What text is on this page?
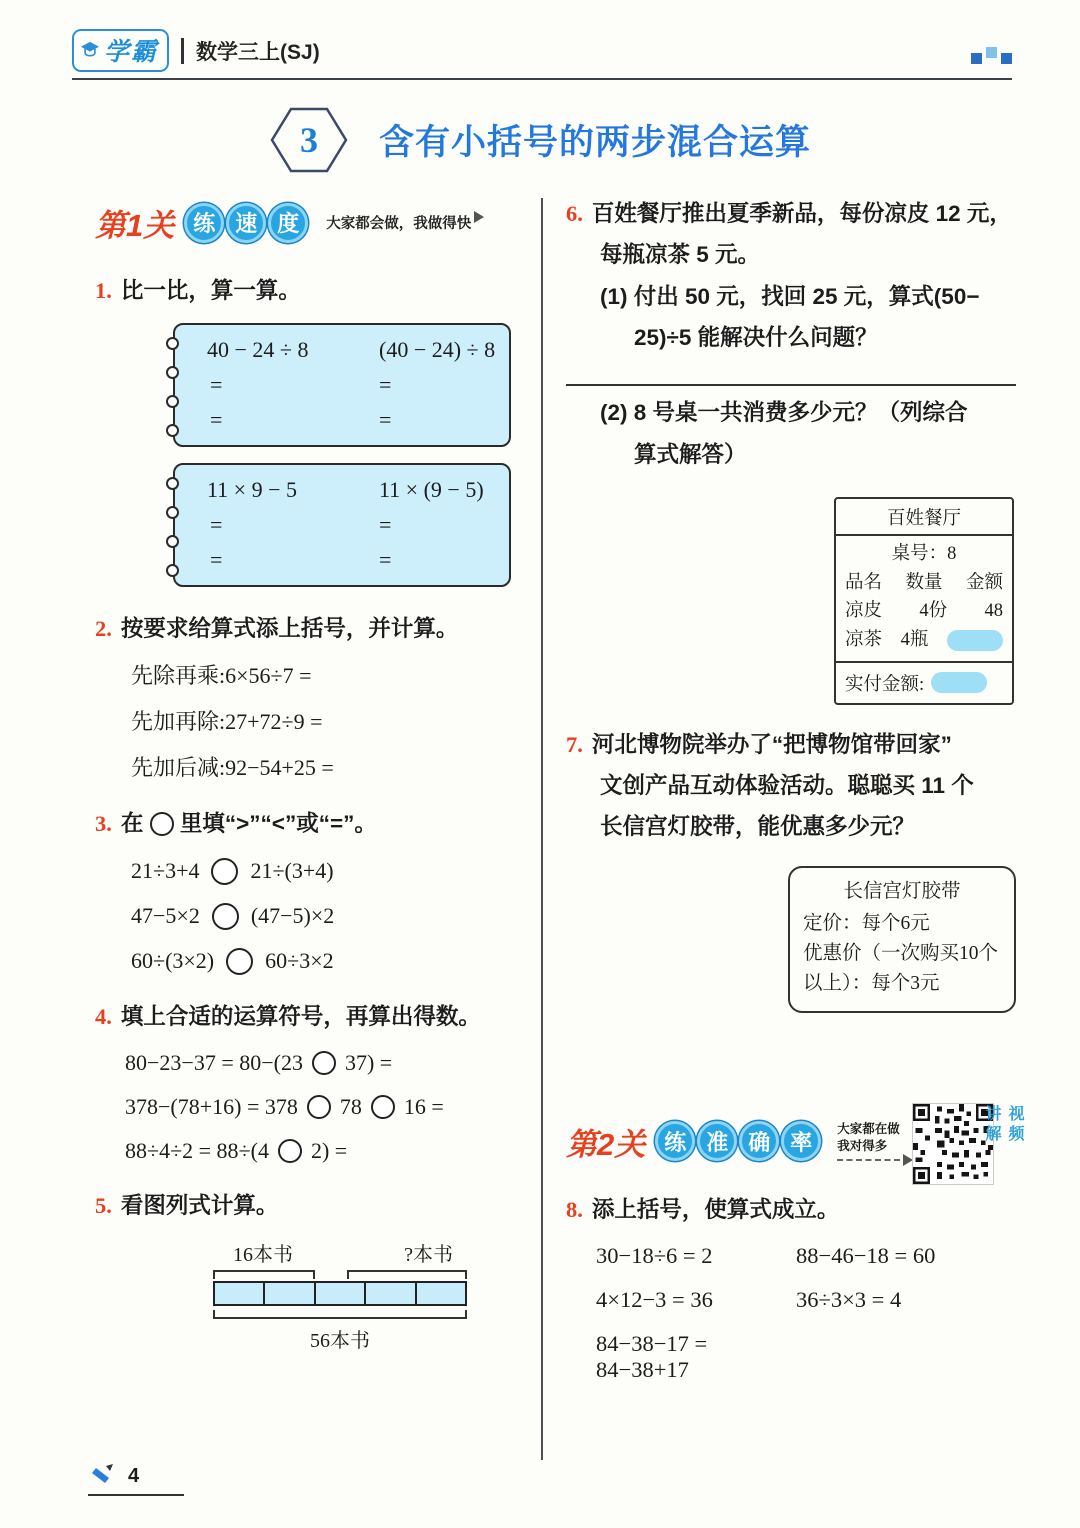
学霸 数学三上(SJ)
3	含有小括号的两步混合运算
第1关 练 速 度	大家都会做，我做得快
1. 比一比，算一算。
40 − 24 ÷ 8	(40 − 24) ÷ 8
=	=
=	=
11 × 9 − 5	11 × (9 − 5)
=	=
=	=
2. 按要求给算式添上括号，并计算。
先除再乘:6×56÷7 =
先加再除:27+72÷9 =
先加后减:92−54+25 =
3. 在 里填“>”“<”或“=”。
21÷3+4 21÷(3+4)
47−5×2 (47−5)×2
60÷(3×2) 60÷3×2
4. 填上合适的运算符号，再算出得数。
80−23−37 = 80−(23 37) =
378−(78+16) = 378 78 16 =
88÷4÷2 = 88÷(4 2) =
5. 看图列式计算。
16本书	?本书
56本书
6. 百姓餐厅推出夏季新品，每份凉皮 12 元，
每瓶凉茶 5 元。
(1) 付出 50 元，找回 25 元，算式(50−
25)÷5 能解决什么问题？
(2) 8 号桌一共消费多少元？（列综合
算式解答）
百姓餐厅
桌号：8
品名 数量 金额
凉皮 4份 48
凉茶 4瓶
实付金额:
7. 河北博物院举办了“把博物馆带回家”
文创产品互动体验活动。聪聪买 11 个
长信宫灯胶带，能优惠多少元？
长信宫灯胶带
定价：每个6元
优惠价（一次购买10个
以上）：每个3元
第2关 练 准 确 率
大家都在做
我对得多
视频讲解
8. 添上括号，使算式成立。
30−18÷6 = 2	88−46−18 = 60
4×12−3 = 36	36÷3×3 = 4
84−38−17 = 84−38+17
4
